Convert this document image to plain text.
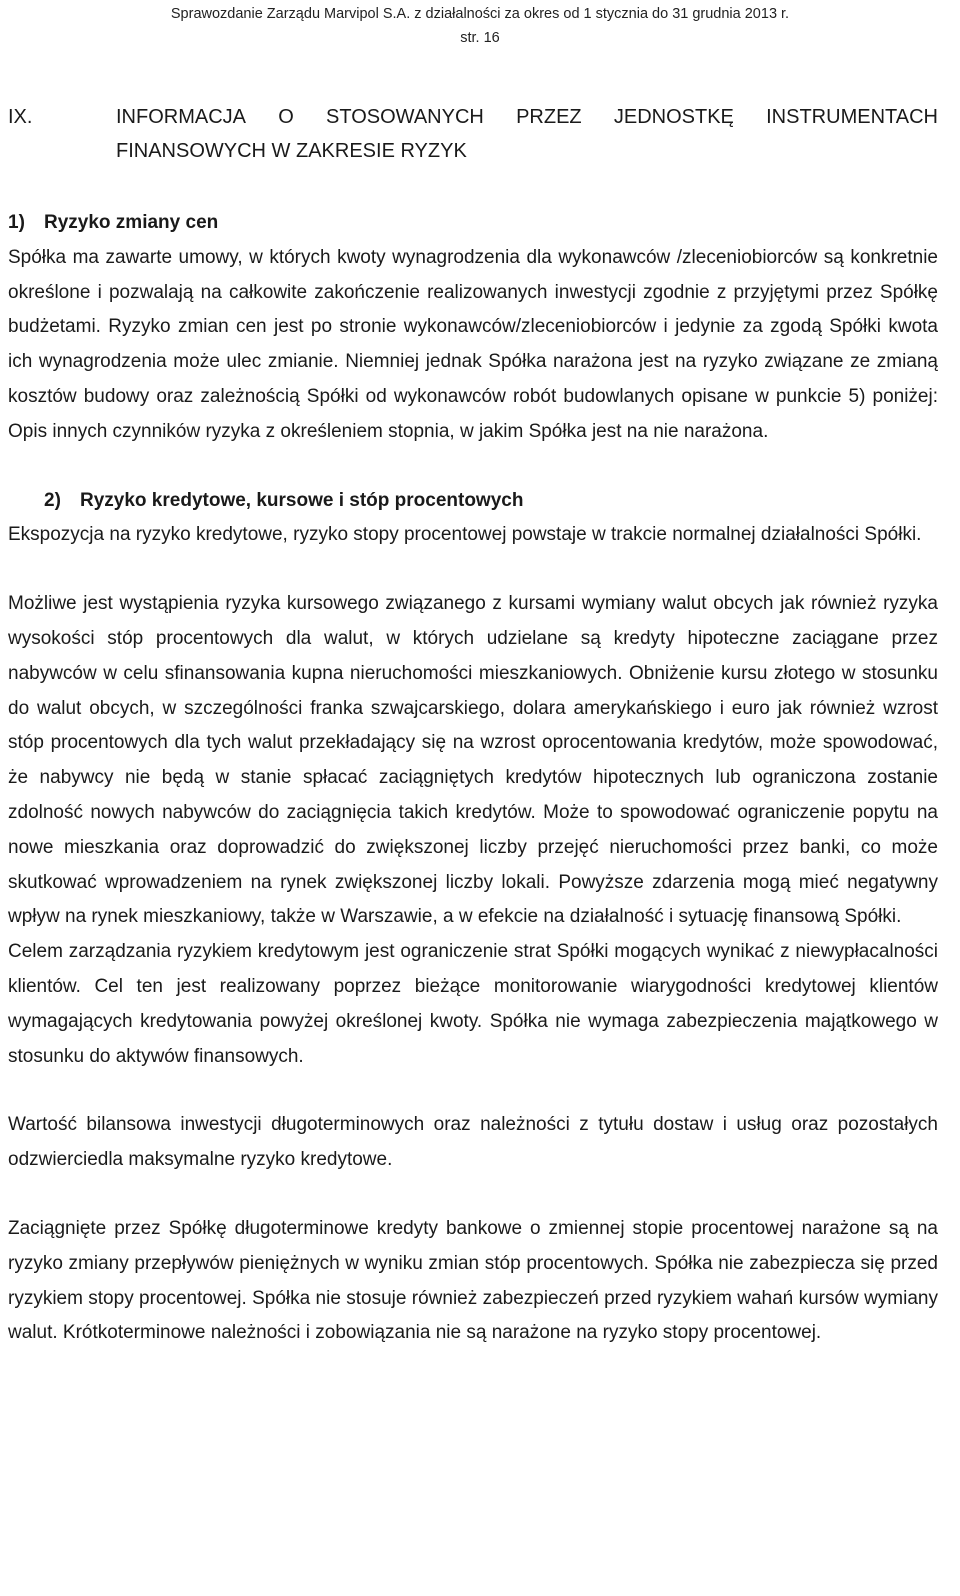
Sprawozdanie Zarządu Marvipol S.A. z działalności za okres od 1 stycznia do 31 grudnia 2013 r.
str. 16
IX.	INFORMACJA O STOSOWANYCH PRZEZ JEDNOSTKĘ INSTRUMENTACH
FINANSOWYCH W ZAKRESIE RYZYK
1) Ryzyko zmiany cen

Spółka ma zawarte umowy, w których kwoty wynagrodzenia dla wykonawców /zleceniobiorców są konkretnie określone i pozwalają na całkowite zakończenie realizowanych inwestycji zgodnie z przyjętymi przez Spółkę budżetami. Ryzyko zmian cen jest po stronie wykonawców/zleceniobiorców i jedynie za zgodą Spółki kwota ich wynagrodzenia może ulec zmianie. Niemniej jednak Spółka narażona jest na ryzyko związane ze zmianą kosztów budowy oraz zależnością Spółki od wykonawców robót budowlanych opisane w punkcie 5) poniżej: Opis innych czynników ryzyka z określeniem stopnia, w jakim Spółka jest na nie narażona.

2) Ryzyko kredytowe, kursowe i stóp procentowych

Ekspozycja na ryzyko kredytowe, ryzyko stopy procentowej powstaje w trakcie normalnej działalności Spółki.

Możliwe jest wystąpienia ryzyka kursowego związanego z kursami wymiany walut obcych jak również ryzyka wysokości stóp procentowych dla walut, w których udzielane są kredyty hipoteczne zaciągane przez nabywców w celu sfinansowania kupna nieruchomości mieszkaniowych. Obniżenie kursu złotego w stosunku do walut obcych, w szczególności franka szwajcarskiego, dolara amerykańskiego i euro jak również wzrost stóp procentowych dla tych walut przekładający się na wzrost oprocentowania kredytów, może spowodować, że nabywcy nie będą w stanie spłacać zaciągniętych kredytów hipotecznych lub ograniczona zostanie zdolność nowych nabywców do zaciągnięcia takich kredytów. Może to spowodować ograniczenie popytu na nowe mieszkania oraz doprowadzić do zwiększonej liczby przejęć nieruchomości przez banki, co może skutkować wprowadzeniem na rynek zwiększonej liczby lokali. Powyższe zdarzenia mogą mieć negatywny wpływ na rynek mieszkaniowy, także w Warszawie, a w efekcie na działalność i sytuację finansową Spółki.

Celem zarządzania ryzykiem kredytowym jest ograniczenie strat Spółki mogących wynikać z niewypłacalności klientów. Cel ten jest realizowany poprzez bieżące monitorowanie wiarygodności kredytowej klientów wymagających kredytowania powyżej określonej kwoty. Spółka nie wymaga zabezpieczenia majątkowego w stosunku do aktywów finansowych.

Wartość bilansowa inwestycji długoterminowych oraz należności z tytułu dostaw i usług oraz pozostałych odzwierciedla maksymalne ryzyko kredytowe.

Zaciągnięte przez Spółkę długoterminowe kredyty bankowe o zmiennej stopie procentowej narażone są na ryzyko zmiany przepływów pieniężnych w wyniku zmian stóp procentowych. Spółka nie zabezpiecza się przed ryzykiem stopy procentowej. Spółka nie stosuje również zabezpieczeń przed ryzykiem wahań kursów wymiany walut. Krótkoterminowe należności i zobowiązania nie są narażone na ryzyko stopy procentowej.
